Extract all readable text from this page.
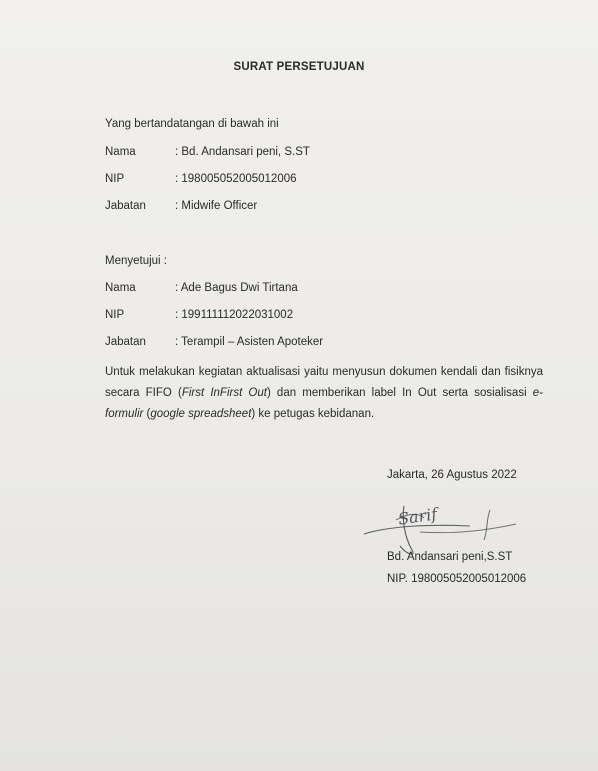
SURAT PERSETUJUAN
Yang bertandatangan di bawah ini
Nama	: Bd. Andansari peni, S.ST
NIP	: 198005052005012006
Jabatan	: Midwife Officer
Menyetujui :
Nama	: Ade Bagus Dwi Tirtana
NIP	: 199111112022031002
Jabatan	: Terampil – Asisten Apoteker
Untuk melakukan kegiatan aktualisasi yaitu menyusun dokumen kendali dan fisiknya secara FIFO (First InFirst Out) dan memberikan label In Out serta sosialisasi e-formulir (google spreadsheet) ke petugas kebidanan.
Jakarta, 26 Agustus 2022
Sarif
Bd. Andansari peni,S.ST
NIP. 198005052005012006
